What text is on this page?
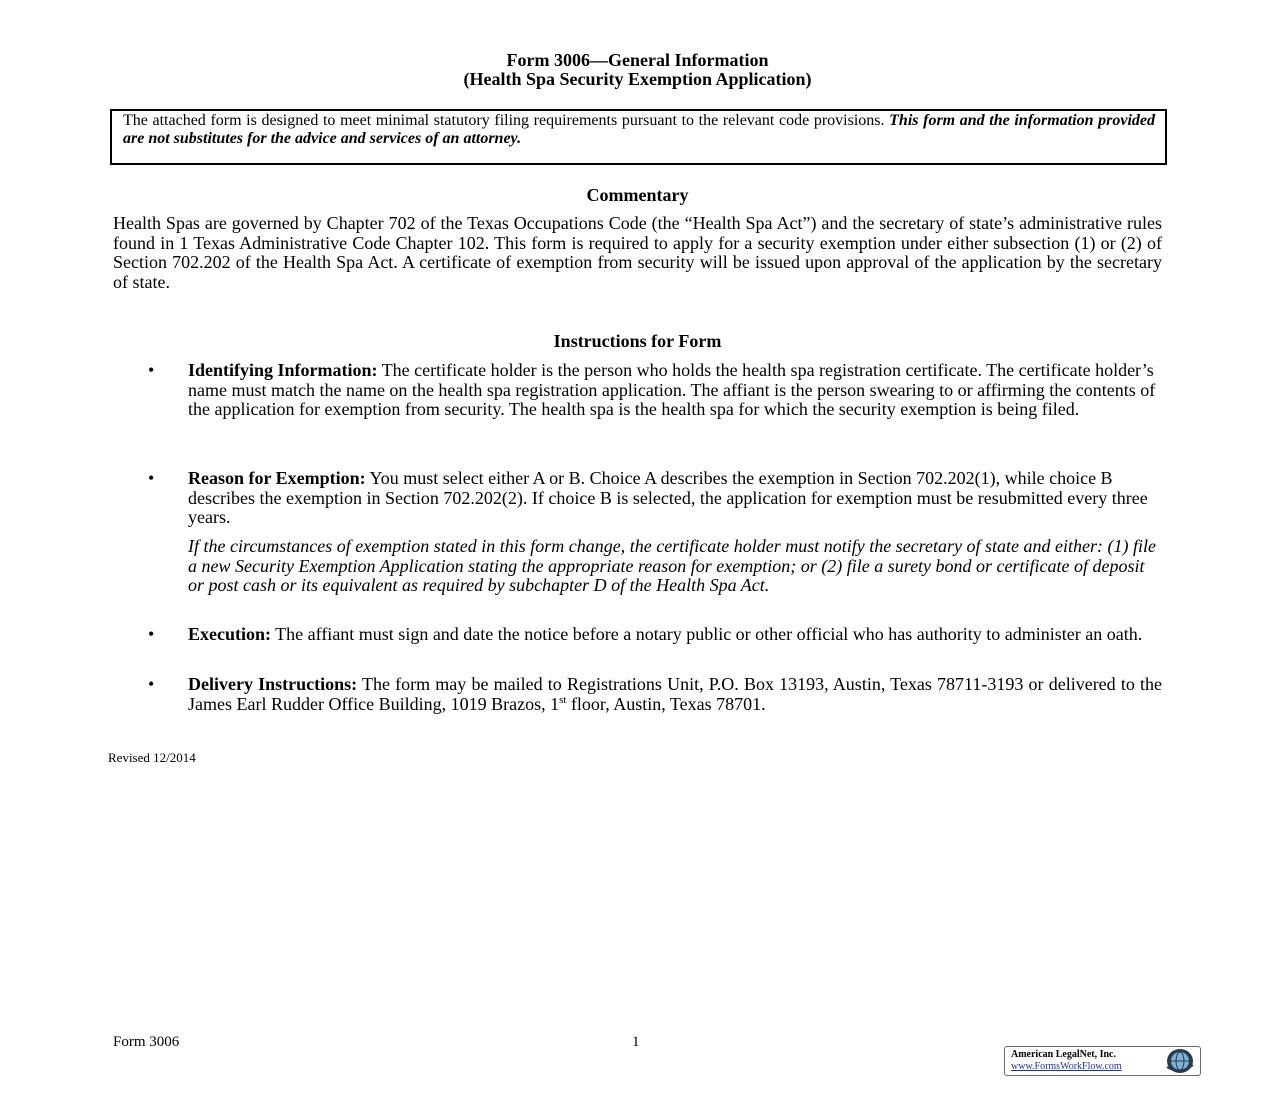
Form 3006—General Information
(Health Spa Security Exemption Application)
The attached form is designed to meet minimal statutory filing requirements pursuant to the relevant code provisions. This form and the information provided are not substitutes for the advice and services of an attorney.
Commentary

Health Spas are governed by Chapter 702 of the Texas Occupations Code (the “Health Spa Act”) and the secretary of state’s administrative rules found in 1 Texas Administrative Code Chapter 102. This form is required to apply for a security exemption under either subsection (1) or (2) of Section 702.202 of the Health Spa Act. A certificate of exemption from security will be issued upon approval of the application by the secretary of state.

Instructions for Form
• Identifying Information: The certificate holder is the person who holds the health spa registration certificate. The certificate holder’s name must match the name on the health spa registration application. The affiant is the person swearing to or affirming the contents of the application for exemption from security. The health spa is the health spa for which the security exemption is being filed.
• Reason for Exemption: You must select either A or B. Choice A describes the exemption in Section 702.202(1), while choice B describes the exemption in Section 702.202(2). If choice B is selected, the application for exemption must be resubmitted every three years.
If the circumstances of exemption stated in this form change, the certificate holder must notify the secretary of state and either: (1) file a new Security Exemption Application stating the appropriate reason for exemption; or (2) file a surety bond or certificate of deposit or post cash or its equivalent as required by subchapter D of the Health Spa Act.
• Execution: The affiant must sign and date the notice before a notary public or other official who has authority to administer an oath.
• Delivery Instructions: The form may be mailed to Registrations Unit, P.O. Box 13193, Austin, Texas 78711-3193 or delivered to the James Earl Rudder Office Building, 1019 Brazos, 1st floor, Austin, Texas 78701.
Revised 12/2014
Form 3006	1
American LegalNet, Inc.
www.FormsWorkFlow.com
